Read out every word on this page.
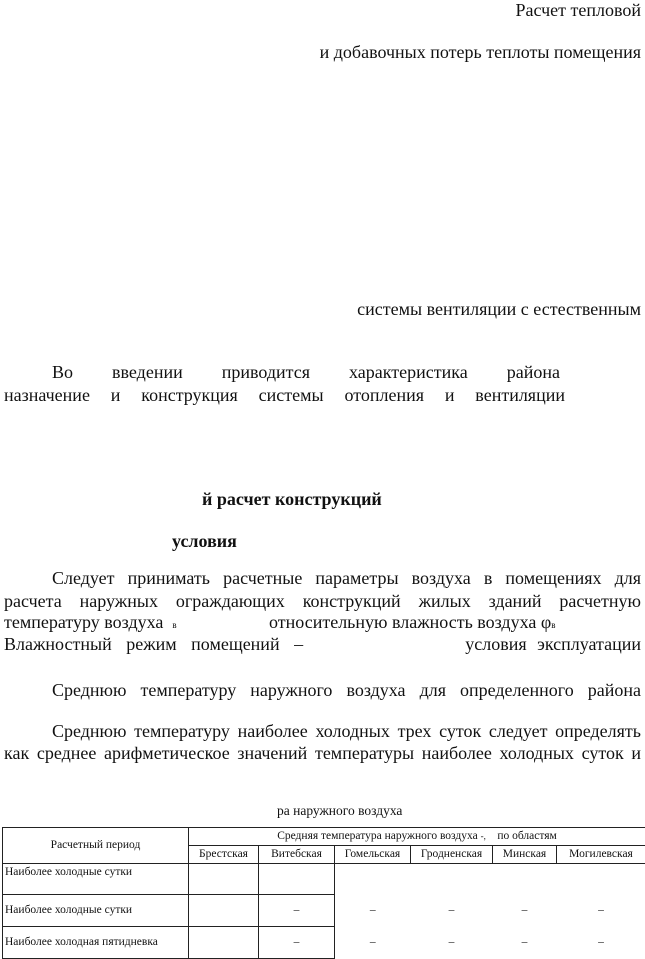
Расчет тепловой
и добавочных потерь теплоты помещения
системы вентиляции с естественным
Во введении приводится характеристика района
назначение и конструкция системы отопления и вентиляции
й расчет конструкций
условия
Следует принимать расчетные параметры воздуха в помещениях для
расчета наружных ограждающих конструкций жилых зданий расчетную
температуру воздуха в	относительную влажность воздуха φв
Влажностный режим помещений –	условия эксплуатации
Среднюю температуру наружного воздуха для определенного района
Среднюю температуру наиболее холодных трех суток следует определять
как среднее арифметическое значений температуры наиболее холодных суток и
ра наружного воздуха
Расчетный период	Средняя температура наружного воздуха -, по областям					
	Брестская	Витебская	Гомельская	Гродненская	Минская	Могилевская
Наиболее холодные сутки						
Наиболее холодные сутки		–	–	–	–	–
Наиболее холодная пятидневка		–	–	–	–	–
